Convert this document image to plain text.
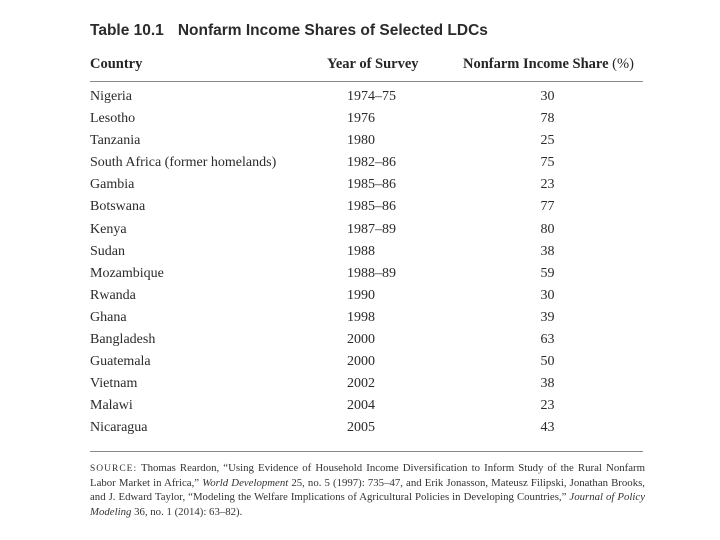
Table 10.1 Nonfarm Income Shares of Selected LDCs
Country	Year of Survey	Nonfarm Income Share (%)
Nigeria	1974–75	30
Lesotho	1976	78
Tanzania	1980	25
South Africa (former homelands)	1982–86	75
Gambia	1985–86	23
Botswana	1985–86	77
Kenya	1987–89	80
Sudan	1988	38
Mozambique	1988–89	59
Rwanda	1990	30
Ghana	1998	39
Bangladesh	2000	63
Guatemala	2000	50
Vietnam	2002	38
Malawi	2004	23
Nicaragua	2005	43
SOURCE: Thomas Reardon, “Using Evidence of Household Income Diversification to Inform Study of the Rural Nonfarm Labor Market in Africa,” World Development 25, no. 5 (1997): 735–47, and Erik Jonasson, Mateusz Filipski, Jonathan Brooks, and J. Edward Taylor, “Modeling the Welfare Implications of Agricultural Policies in Developing Countries,” Journal of Policy Modeling 36, no. 1 (2014): 63–82).
